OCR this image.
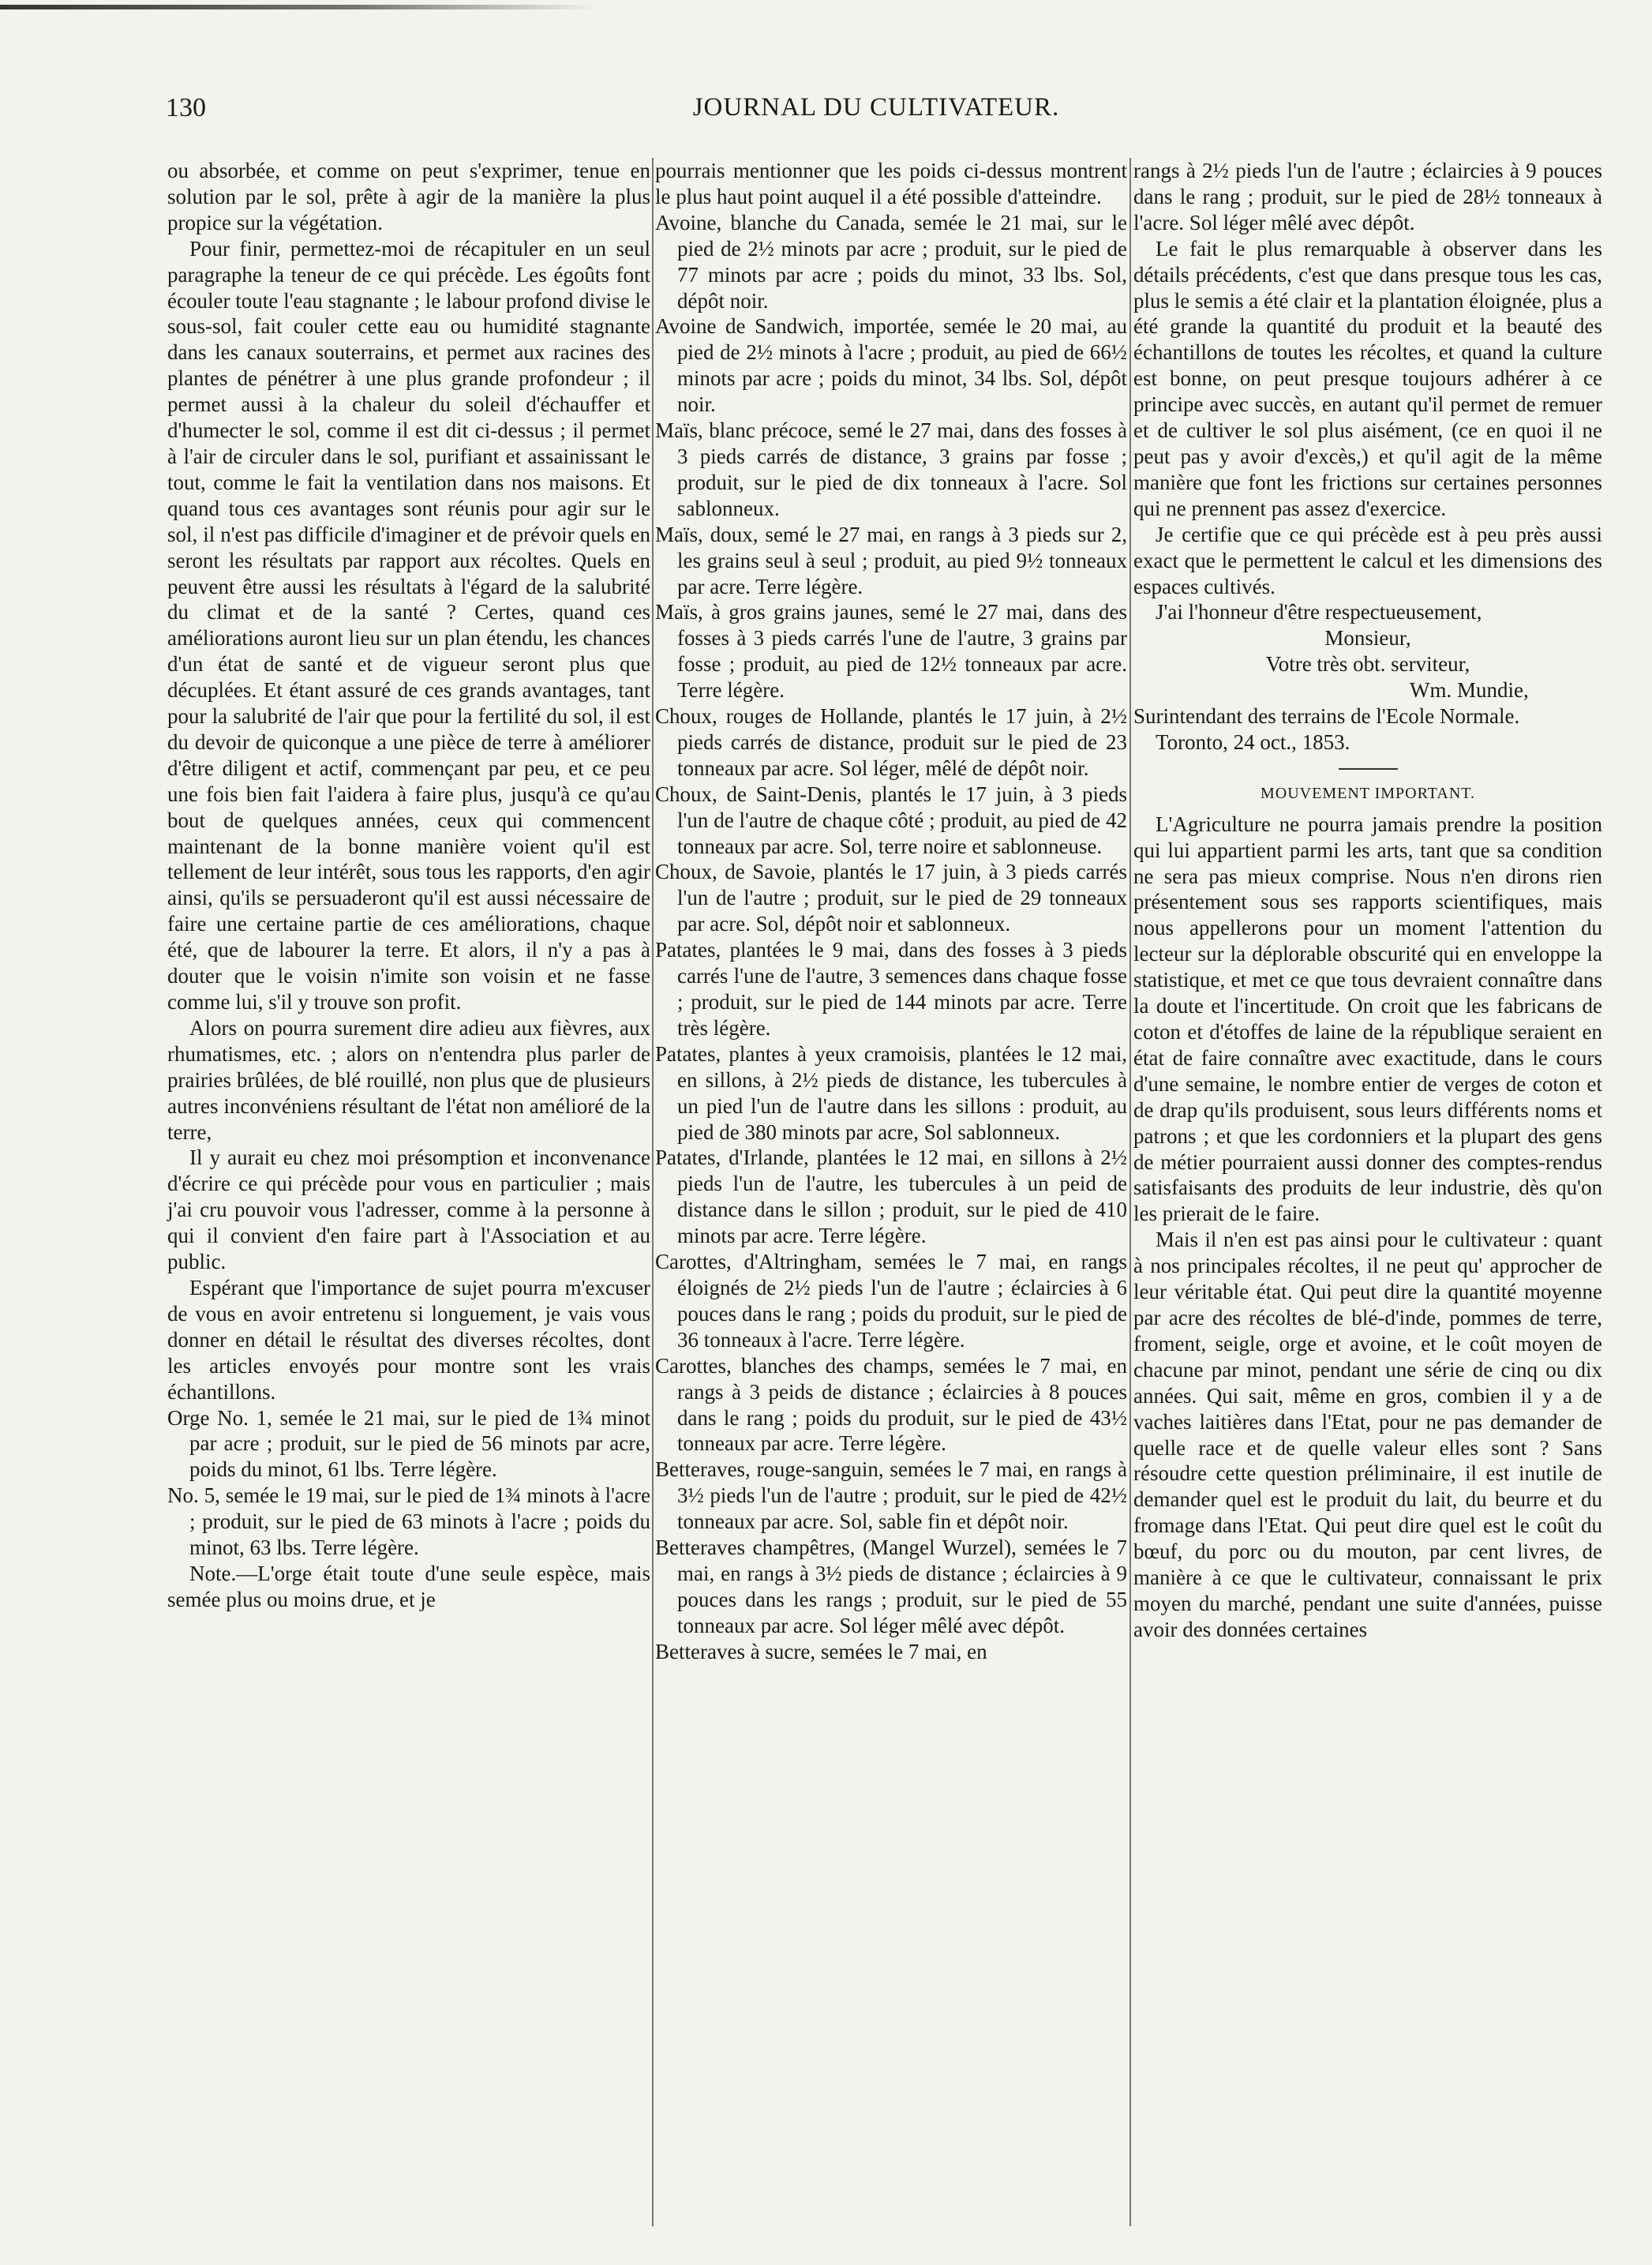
JOURNAL DU CULTIVATEUR.
130

ou absorbée, et comme on peut s'exprimer, tenue en solution par le sol, prête à agir de la manière la plus propice sur la végétation.

Pour finir, permettez-moi de récapituler en un seul paragraphe la teneur de ce qui précède. Les égoûts font écouler toute l'eau stagnante ; le labour profond divise le sous-sol, fait couler cette eau ou humidité stagnante dans les canaux souterrains, et permet aux racines des plantes de pénétrer à une plus grande profondeur ; il permet aussi à la chaleur du soleil d'échauffer et d'humecter le sol, comme il est dit ci-dessus ; il permet à l'air de circuler dans le sol, purifiant et assainissant le tout, comme le fait la ventilation dans nos maisons. Et quand tous ces avantages sont réunis pour agir sur le sol, il n'est pas difficile d'imaginer et de prévoir quels en seront les résultats par rapport aux récoltes. Quels en peuvent être aussi les résultats à l'égard de la salubrité du climat et de la santé ? Certes, quand ces améliorations auront lieu sur un plan étendu, les chances d'un état de santé et de vigueur seront plus que décuplées. Et étant assuré de ces grands avantages, tant pour la salubrité de l'air que pour la fertilité du sol, il est du devoir de quiconque a une pièce de terre à améliorer d'être diligent et actif, commençant par peu, et ce peu une fois bien fait l'aidera à faire plus, jusqu'à ce qu'au bout de quelques années, ceux qui commencent maintenant de la bonne manière voient qu'il est tellement de leur intérêt, sous tous les rapports, d'en agir ainsi, qu'ils se persuaderont qu'il est aussi nécessaire de faire une certaine partie de ces améliorations, chaque été, que de labourer la terre. Et alors, il n'y a pas à douter que le voisin n'imite son voisin et ne fasse comme lui, s'il y trouve son profit.

Alors on pourra surement dire adieu aux fièvres, aux rhumatismes, etc. ; alors on n'entendra plus parler de prairies brûlées, de blé rouillé, non plus que de plusieurs autres inconvéniens résultant de l'état non amélioré de la terre,

Il y aurait eu chez moi présomption et inconvenance d'écrire ce qui précède pour vous en particulier ; mais j'ai cru pouvoir vous l'adresser, comme à la personne à qui il convient d'en faire part à l'Association et au public.

Espérant que l'importance de sujet pourra m'excuser de vous en avoir entretenu si longuement, je vais vous donner en détail le résultat des diverses récoltes, dont les articles envoyés pour montre sont les vrais échantillons.

Orge No. 1, semée le 21 mai, sur le pied de 1¾ minot par acre ; produit, sur le pied de 56 minots par acre, poids du minot, 61 lbs. Terre légère.

No. 5, semée le 19 mai, sur le pied de 1¾ minots à l'acre ; produit, sur le pied de 63 minots à l'acre ; poids du minot, 63 lbs. Terre légère.

Note.—L'orge était toute d'une seule espèce, mais semée plus ou moins drue, et je

pourrais mentionner que les poids ci-dessus montrent le plus haut point auquel il a été possible d'atteindre.

Avoine, blanche du Canada, semée le 21 mai, sur le pied de 2½ minots par acre ; produit, sur le pied de 77 minots par acre ; poids du minot, 33 lbs. Sol, dépôt noir.

Avoine de Sandwich, importée, semée le 20 mai, au pied de 2½ minots à l'acre ; produit, au pied de 66½ minots par acre ; poids du minot, 34 lbs. Sol, dépôt noir.

Maïs, blanc précoce, semé le 27 mai, dans des fosses à 3 pieds carrés de distance, 3 grains par fosse ; produit, sur le pied de dix tonneaux à l'acre. Sol sablonneux.

Maïs, doux, semé le 27 mai, en rangs à 3 pieds sur 2, les grains seul à seul ; produit, au pied 9½ tonneaux par acre. Terre légère.

Maïs, à gros grains jaunes, semé le 27 mai, dans des fosses à 3 pieds carrés l'une de l'autre, 3 grains par fosse ; produit, au pied de 12½ tonneaux par acre. Terre légère.

Choux, rouges de Hollande, plantés le 17 juin, à 2½ pieds carrés de distance, produit sur le pied de 23 tonneaux par acre. Sol léger, mêlé de dépôt noir.

Choux, de Saint-Denis, plantés le 17 juin, à 3 pieds l'un de l'autre de chaque côté ; produit, au pied de 42 tonneaux par acre. Sol, terre noire et sablonneuse.

Choux, de Savoie, plantés le 17 juin, à 3 pieds carrés l'un de l'autre ; produit, sur le pied de 29 tonneaux par acre. Sol, dépôt noir et sablonneux.

Patates, plantées le 9 mai, dans des fosses à 3 pieds carrés l'une de l'autre, 3 semences dans chaque fosse ; produit, sur le pied de 144 minots par acre. Terre très légère.

Patates, plantes à yeux cramoisis, plantées le 12 mai, en sillons, à 2½ pieds de distance, les tubercules à un pied l'un de l'autre dans les sillons : produit, au pied de 380 minots par acre, Sol sablonneux.

Patates, d'Irlande, plantées le 12 mai, en sillons à 2½ pieds l'un de l'autre, les tubercules à un peid de distance dans le sillon ; produit, sur le pied de 410 minots par acre. Terre légère.

Carottes, d'Altringham, semées le 7 mai, en rangs éloignés de 2½ pieds l'un de l'autre ; éclaircies à 6 pouces dans le rang ; poids du produit, sur le pied de 36 tonneaux à l'acre. Terre légère.

Carottes, blanches des champs, semées le 7 mai, en rangs à 3 peids de distance ; éclaircies à 8 pouces dans le rang ; poids du produit, sur le pied de 43½ tonneaux par acre. Terre légère.

Betteraves, rouge-sanguin, semées le 7 mai, en rangs à 3½ pieds l'un de l'autre ; produit, sur le pied de 42½ tonneaux par acre. Sol, sable fin et dépôt noir.

Betteraves champêtres, (Mangel Wurzel), semées le 7 mai, en rangs à 3½ pieds de distance ; éclaircies à 9 pouces dans les rangs ; produit, sur le pied de 55 tonneaux par acre. Sol léger mêlé avec dépôt.

Betteraves à sucre, semées le 7 mai, en

rangs à 2½ pieds l'un de l'autre ; éclaircies à 9 pouces dans le rang ; produit, sur le pied de 28½ tonneaux à l'acre. Sol léger mêlé avec dépôt.

Le fait le plus remarquable à observer dans les détails précédents, c'est que dans presque tous les cas, plus le semis a été clair et la plantation éloignée, plus a été grande la quantité du produit et la beauté des échantillons de toutes les récoltes, et quand la culture est bonne, on peut presque toujours adhérer à ce principe avec succès, en autant qu'il permet de remuer et de cultiver le sol plus aisément, (ce en quoi il ne peut pas y avoir d'excès,) et qu'il agit de la même manière que font les frictions sur certaines personnes qui ne prennent pas assez d'exercice.

Je certifie que ce qui précède est à peu près aussi exact que le permettent le calcul et les dimensions des espaces cultivés.

J'ai l'honneur d'être respectueusement,

Monsieur,

Votre très obt. serviteur,

Wm. Mundie,

Surintendant des terrains de l'Ecole Normale.

Toronto, 24 oct., 1853.

MOUVEMENT IMPORTANT.

L'Agriculture ne pourra jamais prendre la position qui lui appartient parmi les arts, tant que sa condition ne sera pas mieux comprise. Nous n'en dirons rien présentement sous ses rapports scientifiques, mais nous appellerons pour un moment l'attention du lecteur sur la déplorable obscurité qui en enveloppe la statistique, et met ce que tous devraient connaître dans la doute et l'incertitude. On croit que les fabricans de coton et d'étoffes de laine de la république seraient en état de faire connaître avec exactitude, dans le cours d'une semaine, le nombre entier de verges de coton et de drap qu'ils produisent, sous leurs différents noms et patrons ; et que les cordonniers et la plupart des gens de métier pourraient aussi donner des comptes-rendus satisfaisants des produits de leur industrie, dès qu'on les prierait de le faire.

Mais il n'en est pas ainsi pour le cultivateur : quant à nos principales récoltes, il ne peut qu' approcher de leur véritable état. Qui peut dire la quantité moyenne par acre des récoltes de blé-d'inde, pommes de terre, froment, seigle, orge et avoine, et le coût moyen de chacune par minot, pendant une série de cinq ou dix années. Qui sait, même en gros, combien il y a de vaches laitières dans l'Etat, pour ne pas demander de quelle race et de quelle valeur elles sont ? Sans résoudre cette question préliminaire, il est inutile de demander quel est le produit du lait, du beurre et du fromage dans l'Etat. Qui peut dire quel est le coût du bœuf, du porc ou du mouton, par cent livres, de manière à ce que le cultivateur, connaissant le prix moyen du marché, pendant une suite d'années, puisse avoir des données certaines
